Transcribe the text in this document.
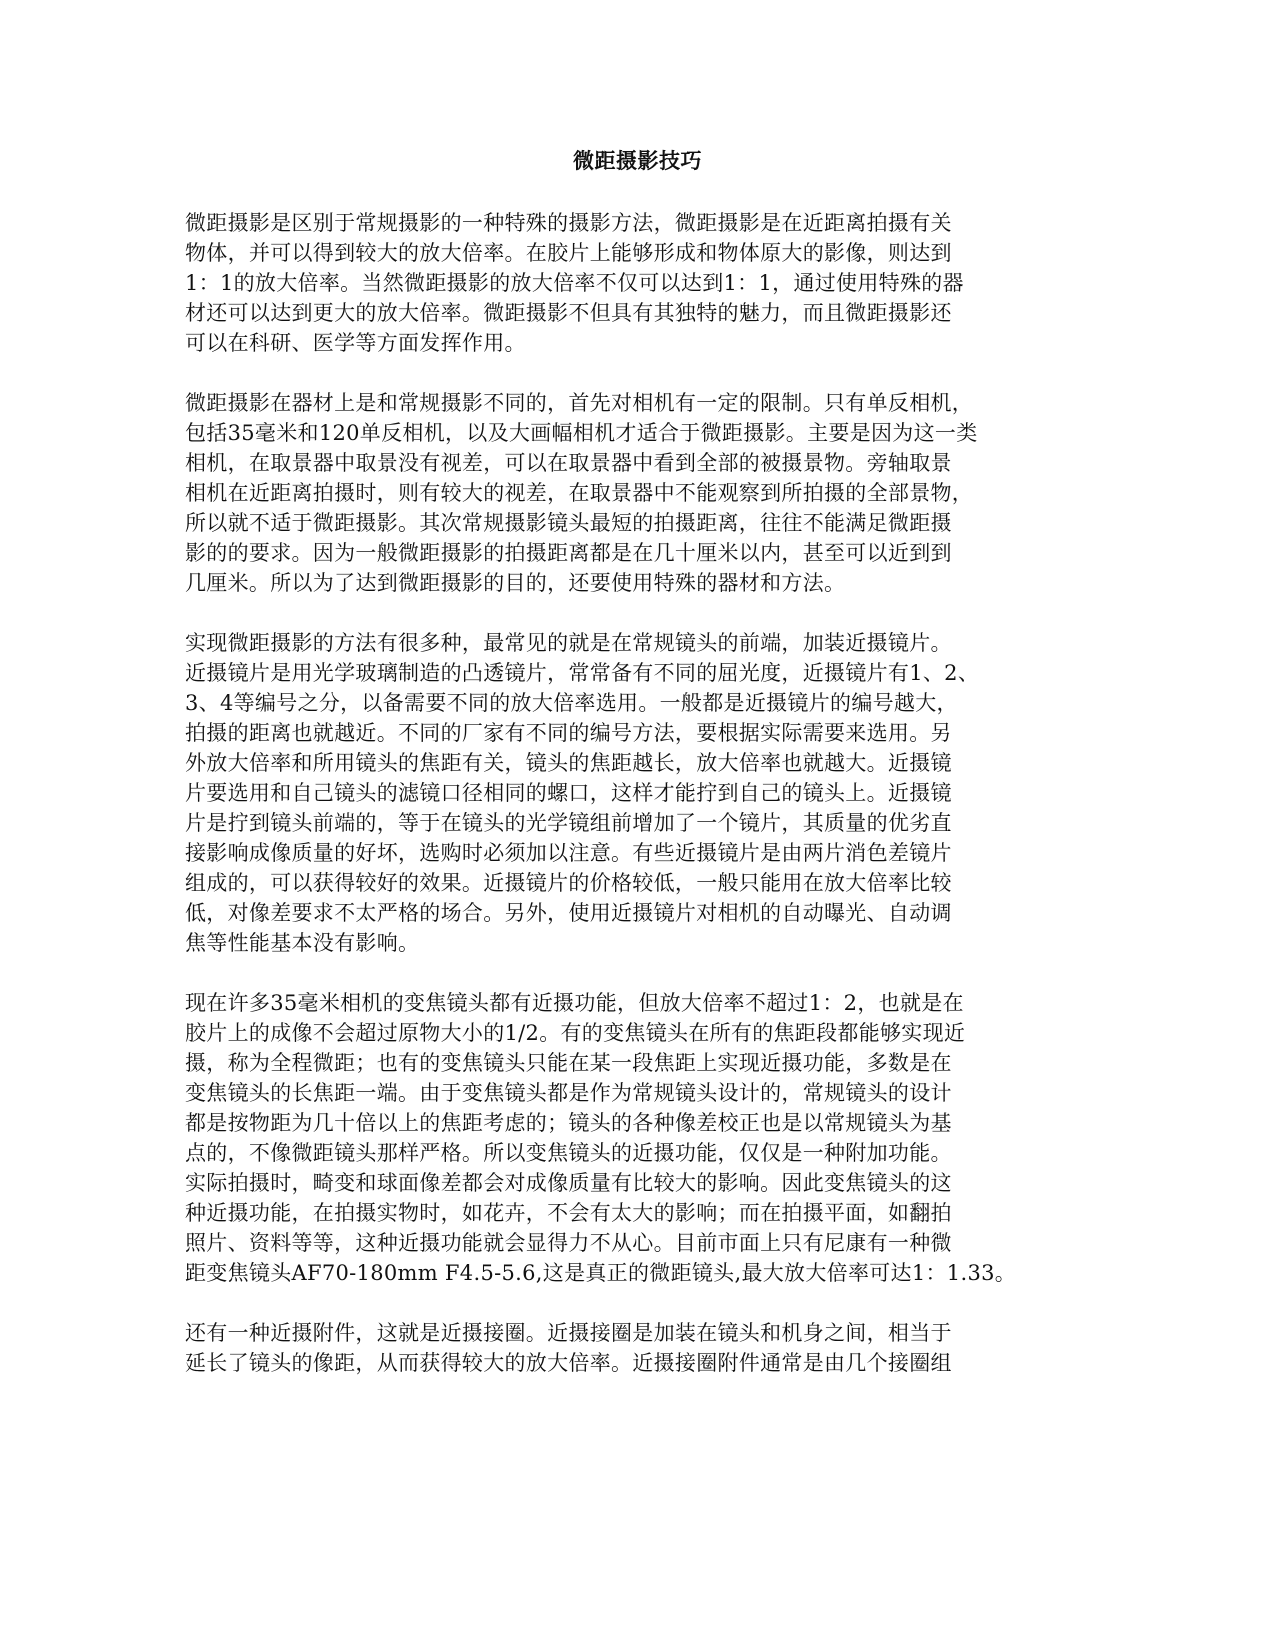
微距摄影技巧
微距摄影是区别于常规摄影的一种特殊的摄影方法，微距摄影是在近距离拍摄有关
物体，并可以得到较大的放大倍率。在胶片上能够形成和物体原大的影像，则达到
1：1的放大倍率。当然微距摄影的放大倍率不仅可以达到1：1，通过使用特殊的器
材还可以达到更大的放大倍率。微距摄影不但具有其独特的魅力，而且微距摄影还
可以在科研、医学等方面发挥作用。
微距摄影在器材上是和常规摄影不同的，首先对相机有一定的限制。只有单反相机，
包括35毫米和120单反相机，以及大画幅相机才适合于微距摄影。主要是因为这一类
相机，在取景器中取景没有视差，可以在取景器中看到全部的被摄景物。旁轴取景
相机在近距离拍摄时，则有较大的视差，在取景器中不能观察到所拍摄的全部景物，
所以就不适于微距摄影。其次常规摄影镜头最短的拍摄距离，往往不能满足微距摄
影的的要求。因为一般微距摄影的拍摄距离都是在几十厘米以内，甚至可以近到到
几厘米。所以为了达到微距摄影的目的，还要使用特殊的器材和方法。
实现微距摄影的方法有很多种，最常见的就是在常规镜头的前端，加装近摄镜片。
近摄镜片是用光学玻璃制造的凸透镜片，常常备有不同的屈光度，近摄镜片有1、2、
3、4等编号之分，以备需要不同的放大倍率选用。一般都是近摄镜片的编号越大，
拍摄的距离也就越近。不同的厂家有不同的编号方法，要根据实际需要来选用。另
外放大倍率和所用镜头的焦距有关，镜头的焦距越长，放大倍率也就越大。近摄镜
片要选用和自己镜头的滤镜口径相同的螺口，这样才能拧到自己的镜头上。近摄镜
片是拧到镜头前端的，等于在镜头的光学镜组前增加了一个镜片，其质量的优劣直
接影响成像质量的好坏，选购时必须加以注意。有些近摄镜片是由两片消色差镜片
组成的，可以获得较好的效果。近摄镜片的价格较低，一般只能用在放大倍率比较
低，对像差要求不太严格的场合。另外，使用近摄镜片对相机的自动曝光、自动调
焦等性能基本没有影响。
现在许多35毫米相机的变焦镜头都有近摄功能，但放大倍率不超过1：2，也就是在
胶片上的成像不会超过原物大小的1/2。有的变焦镜头在所有的焦距段都能够实现近
摄，称为全程微距；也有的变焦镜头只能在某一段焦距上实现近摄功能，多数是在
变焦镜头的长焦距一端。由于变焦镜头都是作为常规镜头设计的，常规镜头的设计
都是按物距为几十倍以上的焦距考虑的；镜头的各种像差校正也是以常规镜头为基
点的，不像微距镜头那样严格。所以变焦镜头的近摄功能，仅仅是一种附加功能。
实际拍摄时，畸变和球面像差都会对成像质量有比较大的影响。因此变焦镜头的这
种近摄功能，在拍摄实物时，如花卉，不会有太大的影响；而在拍摄平面，如翻拍
照片、资料等等，这种近摄功能就会显得力不从心。目前市面上只有尼康有一种微
距变焦镜头AF70-180mm F4.5-5.6,这是真正的微距镜头,最大放大倍率可达1：1.33。
还有一种近摄附件，这就是近摄接圈。近摄接圈是加装在镜头和机身之间，相当于
延长了镜头的像距，从而获得较大的放大倍率。近摄接圈附件通常是由几个接圈组
